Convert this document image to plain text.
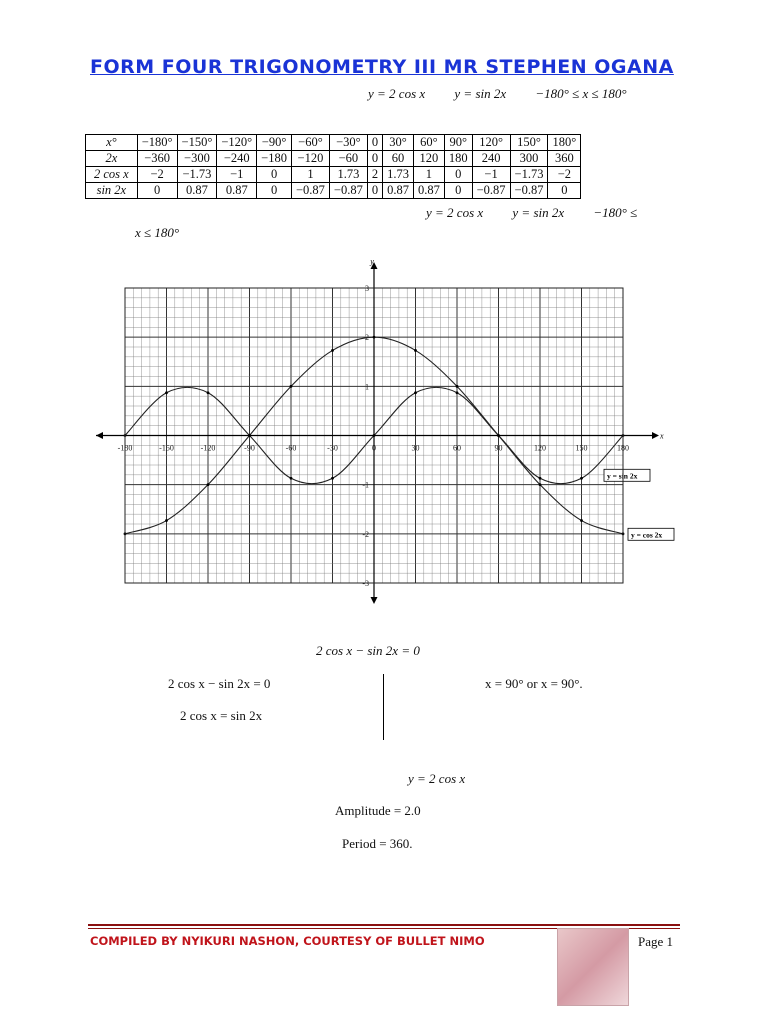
FORM FOUR TRIGONOMETRY III MR STEPHEN OGANA
y = 2 cos x y = sin 2x −180° ≤ x ≤ 180°
x°	−180°	−150°	−120°	−90°	−60°	−30°	0	30°	60°	90°	120°	150°	180°
2x	−360	−300	−240	−180	−120	−60	0	60	120	180	240	300	360
2 cos x	−2	−1.73	−1	0	1	1.73	2	1.73	1	0	−1	−1.73	−2
sin 2x	0	0.87	0.87	0	−0.87	−0.87	0	0.87	0.87	0	−0.87	−0.87	0
y = 2 cos x y = sin 2x −180° ≤
x ≤ 180°
x
y
-180	-150	-120	-90	-60	-30	0	30	60	90	120	150	180
3
2
1
-1
-2
-3
y = sin 2x
y = cos 2x
2 cos x − sin 2x = 0
2 cos x − sin 2x = 0
2 cos x = sin 2x
x = 90° or x = 90°.
y = 2 cos x
Amplitude = 2.0
Period = 360.
COMPILED BY NYIKURI NASHON, COURTESY OF BULLET NIMO	Page 1
